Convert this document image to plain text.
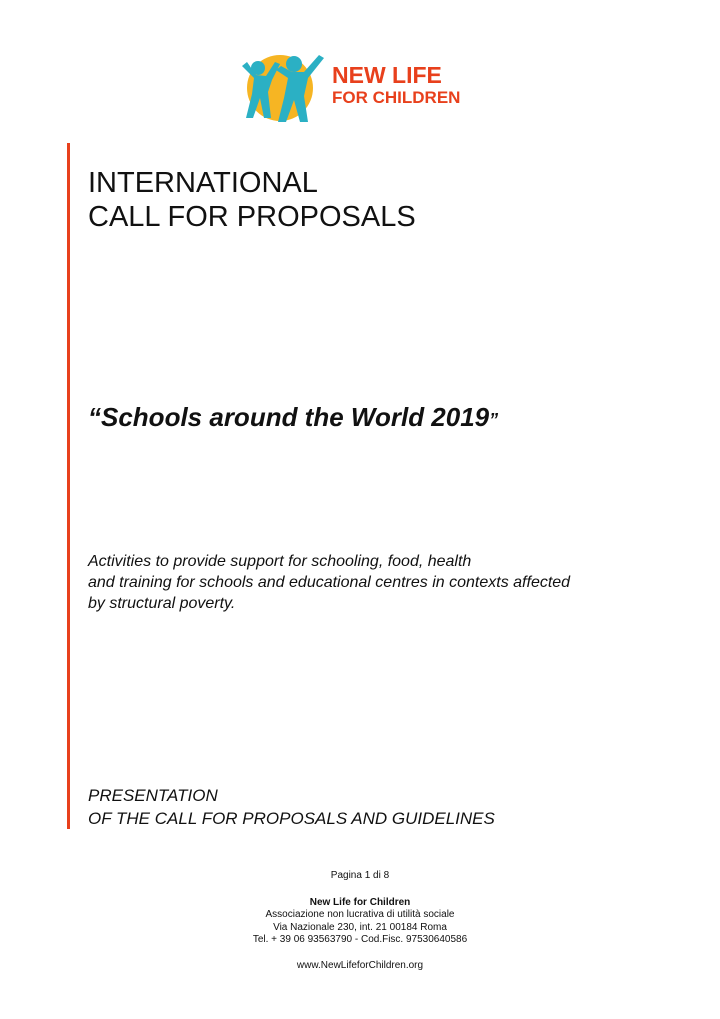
NEW LIFE
FOR CHILDREN
INTERNATIONAL
CALL FOR PROPOSALS
“Schools around the World 2019”

Activities to provide support for schooling, food, health
and training for schools and educational centres in contexts affected
by structural poverty.

PRESENTATION
OF THE CALL FOR PROPOSALS AND GUIDELINES

Pagina 1 di 8
New Life for Children
Associazione non lucrativa di utilità sociale
Via Nazionale 230, int. 21 00184 Roma
Tel. + 39 06 93563790 - Cod.Fisc. 97530640586
www.NewLifeforChildren.org
